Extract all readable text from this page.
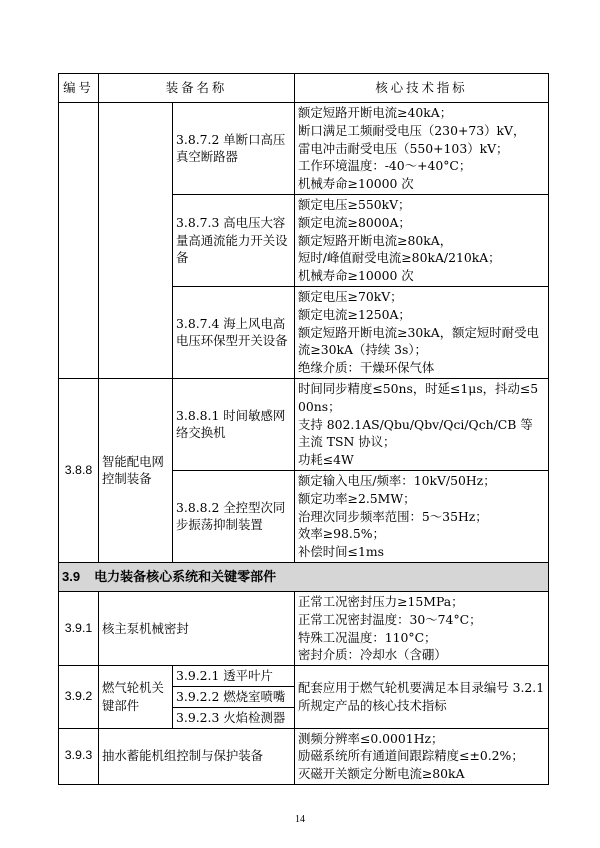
编号	装备名称		核心技术指标
		3.8.7.2 单断口高压真空断路器	额定短路开断电流≥40kA；
断口满足工频耐受电压（230+73）kV，
雷电冲击耐受电压（550+103）kV；
工作环境温度：-40～+40°C；
机械寿命≥10000 次

		3.8.7.3 高电压大容量高通流能力开关设备	额定电压≥550kV；
额定电流≥8000A；
额定短路开断电流≥80kA，
短时/峰值耐受电流≥80kA/210kA；
机械寿命≥10000 次

		3.8.7.4 海上风电高电压环保型开关设备	额定电压≥70kV；
额定电流≥1250A；
额定短路开断电流≥30kA，额定短时耐受电流≥30kA（持续 3s）；
绝缘介质：干燥环保气体

3.8.8	智能配电网控制装备	3.8.8.1 时间敏感网络交换机	时间同步精度≤50ns，时延≤1μs，抖动≤500ns；
支持 802.1AS/Qbu/Qbv/Qci/Qch/CB 等主流 TSN 协议；
功耗≤4W

		3.8.8.2 全控型次同步振荡抑制装置	额定输入电压/频率：10kV/50Hz；
额定功率≥2.5MW；
治理次同步频率范围：5～35Hz；
效率≥98.5%；
补偿时间≤1ms

3.9 电力装备核心系统和关键零部件			
3.9.1	核主泵机械密封		正常工况密封压力≥15MPa；
正常工况密封温度：30～74°C；
特殊工况温度：110°C；
密封介质：冷却水（含硼）

3.9.2	燃气轮机关键部件	3.9.2.1 透平叶片	配套应用于燃气轮机要满足本目录编号 3.2.1 所规定产品的核心技术指标

		3.9.2.2 燃烧室喷嘴	
		3.9.2.3 火焰检测器	
3.9.3	抽水蓄能机组控制与保护装备		测频分辨率≤0.0001Hz；
励磁系统所有通道间跟踪精度≤±0.2%；
灭磁开关额定分断电流≥80kA
14
